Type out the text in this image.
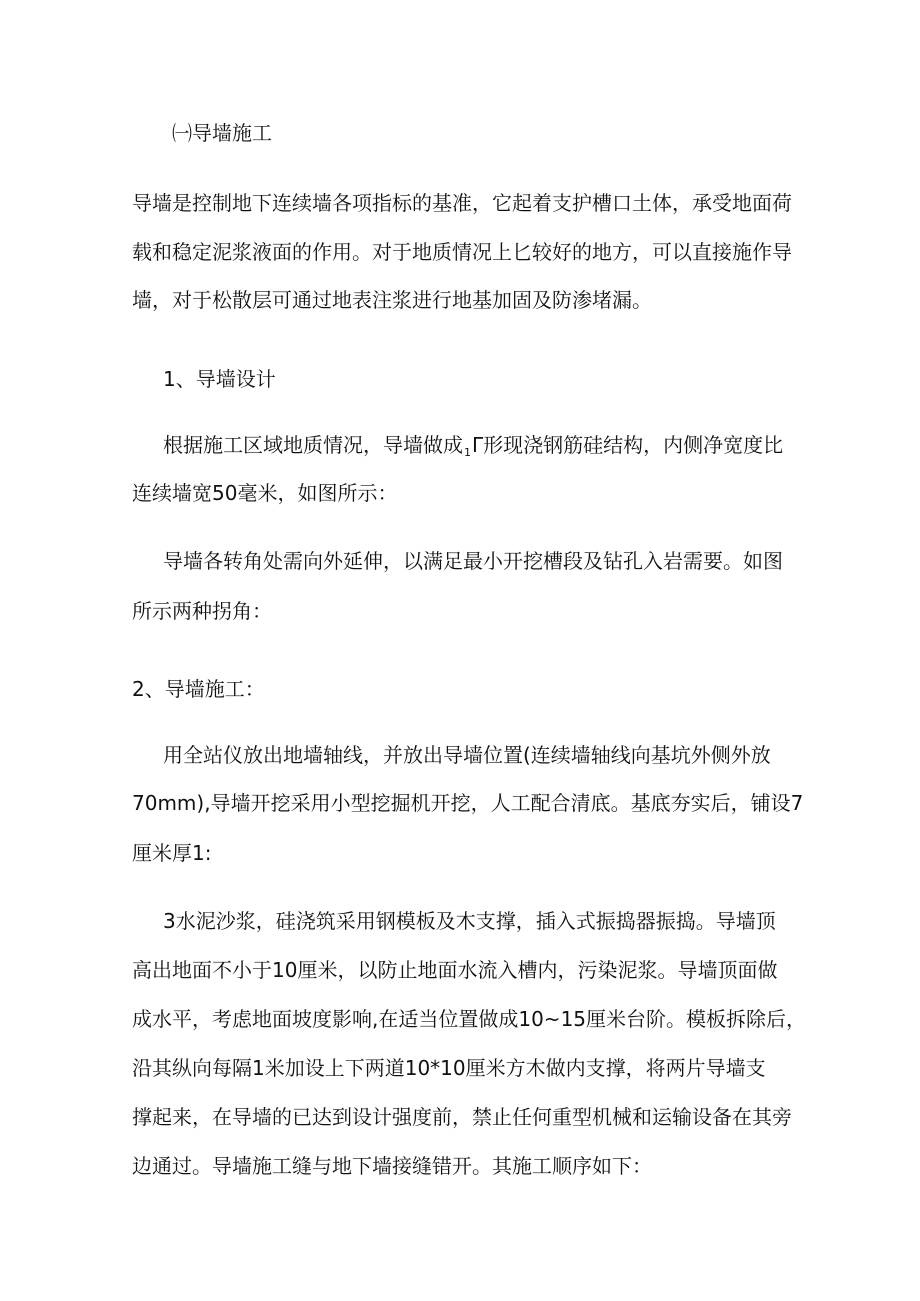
㈠导墙施工
导墙是控制地下连续墙各项指标的基准，它起着支护槽口土体，承受地面荷
载和稳定泥浆液面的作用。对于地质情况上匕较好的地方，可以直接施作导
墙，对于松散层可通过地表注浆进行地基加固及防渗堵漏。
1、导墙设计
根据施工区域地质情况，导墙做成$_1$Γ形现浇钢筋硅结构，内侧净宽度比
连续墙宽50毫米，如图所示：
导墙各转角处需向外延伸，以满足最小开挖槽段及钻孔入岩需要。如图
所示两种拐角：
2、导墙施工：
用全站仪放出地墙轴线，并放出导墙位置(连续墙轴线向基坑外侧外放
70mm),导墙开挖采用小型挖掘机开挖，人工配合清底。基底夯实后，铺设7
厘米厚1:
3水泥沙浆，硅浇筑采用钢模板及木支撑，插入式振捣器振捣。导墙顶
高出地面不小于10厘米，以防止地面水流入槽内，污染泥浆。导墙顶面做
成水平，考虑地面坡度影响,在适当位置做成10~15厘米台阶。模板拆除后，
沿其纵向每隔1米加设上下两道10*10厘米方木做内支撑，将两片导墙支
撑起来，在导墙的已达到设计强度前，禁止任何重型机械和运输设备在其旁
边通过。导墙施工缝与地下墙接缝错开。其施工顺序如下：
